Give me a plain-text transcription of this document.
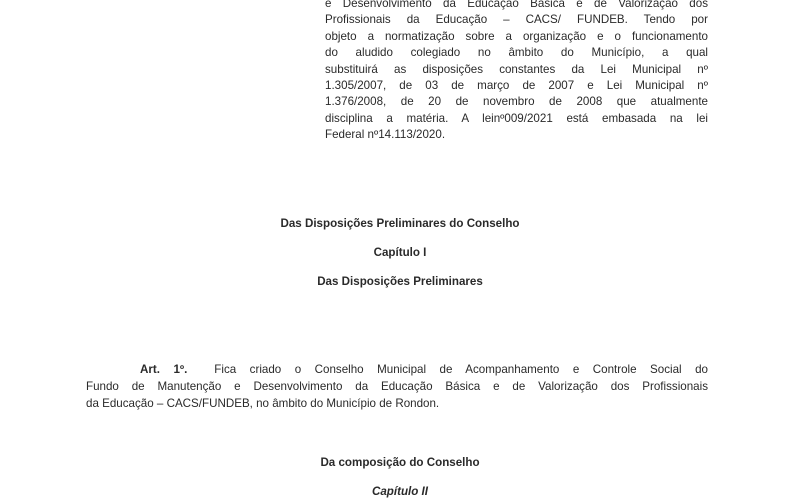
e Desenvolvimento da Educação Básica e de Valorização dos
Profissionais da Educação – CACS/ FUNDEB. Tendo por
objeto a normatização sobre a organização e o funcionamento
do aludido colegiado no âmbito do Município, a qual
substituirá as disposições constantes da Lei Municipal nº
1.305/2007, de 03 de março de 2007 e Lei Municipal nº
1.376/2008, de 20 de novembro de 2008 que atualmente
disciplina a matéria. A leinº009/2021 está embasada na lei
Federal nº14.113/2020.
Das Disposições Preliminares do Conselho
Capítulo I
Das Disposições Preliminares
Art. 1º. Fica criado o Conselho Municipal de Acompanhamento e Controle Social do
Fundo de Manutenção e Desenvolvimento da Educação Básica e de Valorização dos Profissionais
da Educação – CACS/FUNDEB, no âmbito do Município de Rondon.
Da composição do Conselho
Capítulo II
